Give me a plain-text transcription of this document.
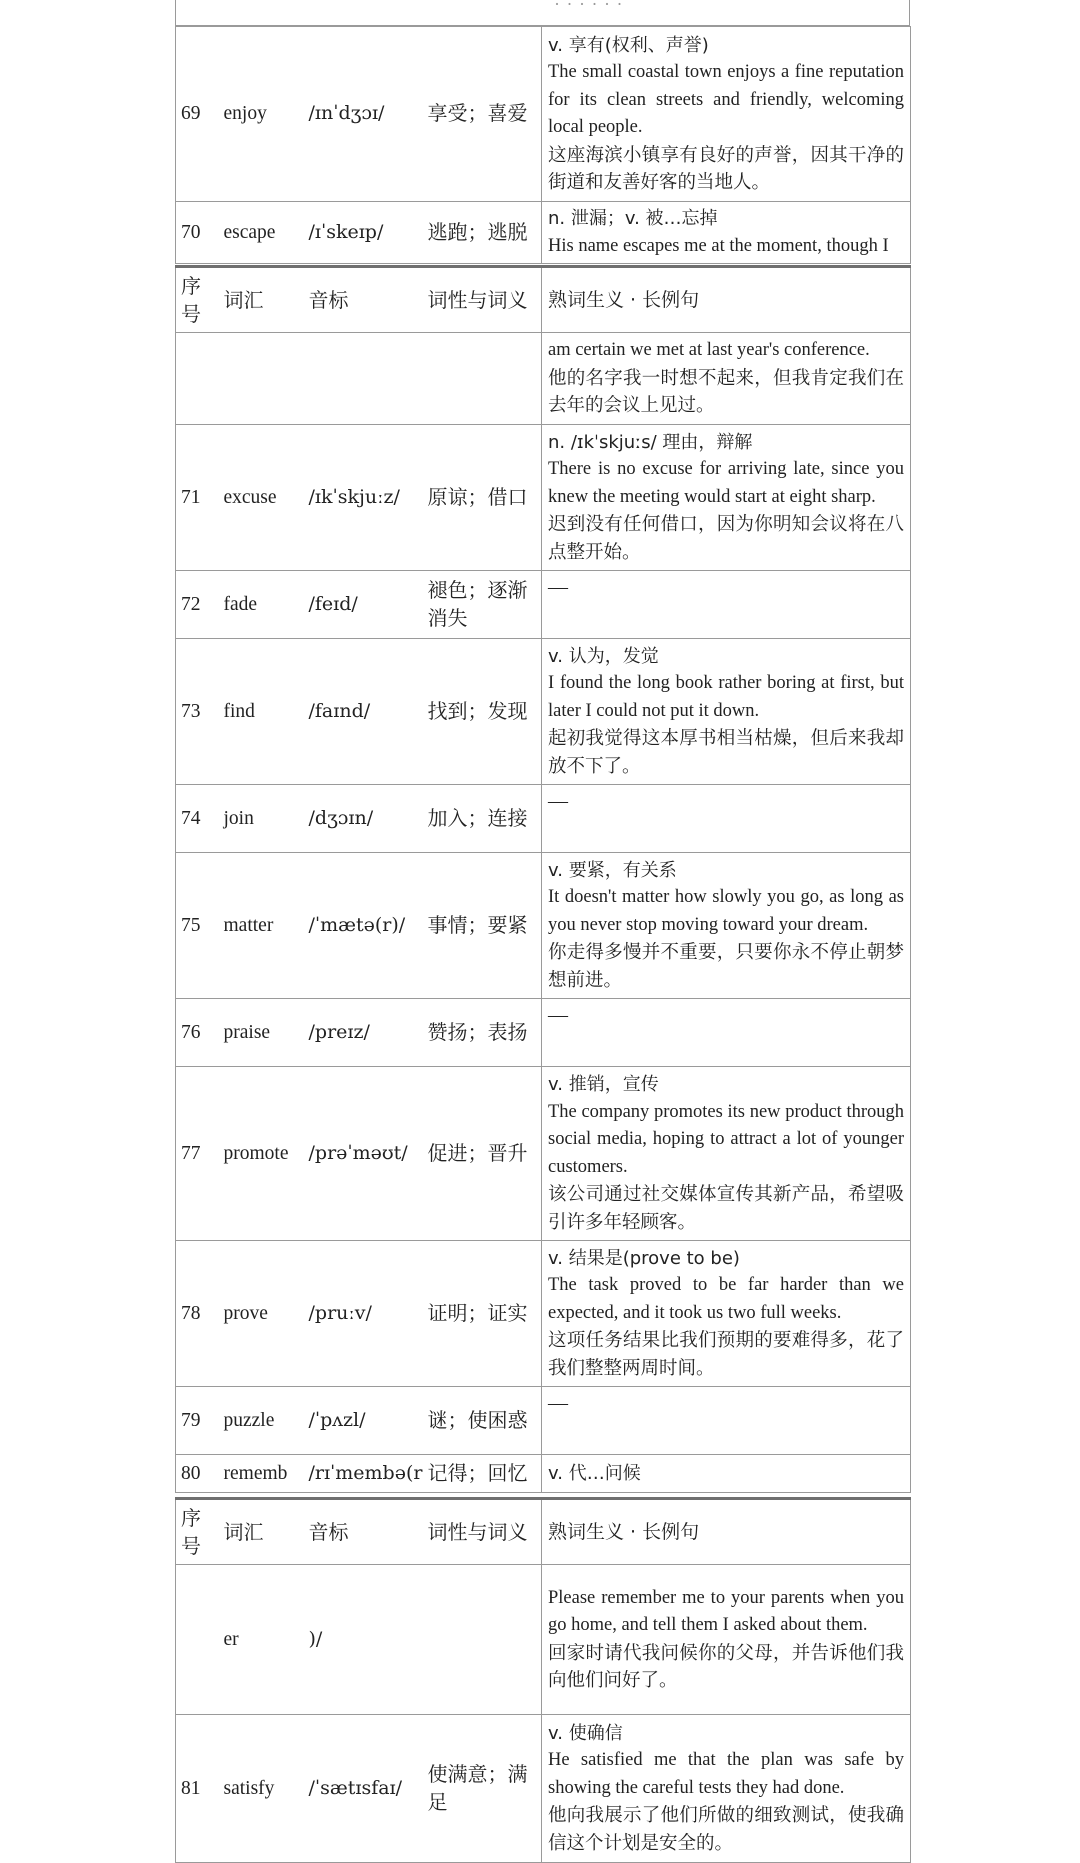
· · · · · ·
69	enjoy	/ɪnˈdʒɔɪ/	享受；喜爱	v. 享有(权利、声誉)
The small coastal town enjoys a fine reputation for its clean streets and friendly, welcoming local people.
这座海滨小镇享有良好的声誉，因其干净的街道和友善好客的当地人。

70	escape	/ɪˈskeɪp/	逃跑；逃脱	n. 泄漏；v. 被…忘掉
His name escapes me at the moment, though I
序号	词汇	音标	词性与词义	熟词生义 · 长例句

				am certain we met at last year's conference.
他的名字我一时想不起来，但我肯定我们在去年的会议上见过。

71	excuse	/ɪkˈskjuːz/	原谅；借口	n. /ɪkˈskjuːs/ 理由，辩解
There is no excuse for arriving late, since you knew the meeting would start at eight sharp.
迟到没有任何借口，因为你明知会议将在八点整开始。

72	fade	/feɪd/	褪色；逐渐消失	—

73	find	/faɪnd/	找到；发现	v. 认为，发觉
I found the long book rather boring at first, but later I could not put it down.
起初我觉得这本厚书相当枯燥，但后来我却放不下了。

74	join	/dʒɔɪn/	加入；连接	—

75	matter	/ˈmætə(r)/	事情；要紧	v. 要紧，有关系
It doesn't matter how slowly you go, as long as you never stop moving toward your dream.
你走得多慢并不重要，只要你永不停止朝梦想前进。

76	praise	/preɪz/	赞扬；表扬	—

77	promote	/prəˈməʊt/	促进；晋升	v. 推销，宣传
The company promotes its new product through social media, hoping to attract a lot of younger customers.
该公司通过社交媒体宣传其新产品，希望吸引许多年轻顾客。

78	prove	/pruːv/	证明；证实	v. 结果是(prove to be)
The task proved to be far harder than we expected, and it took us two full weeks.
这项任务结果比我们预期的要难得多，花了我们整整两周时间。

79	puzzle	/ˈpʌzl/	谜；使困惑	—

80	rememb	/rɪˈmembə(r	记得；回忆	v. 代…问候
序号	词汇	音标	词性与词义	熟词生义 · 长例句
	er	)/		Please remember me to your parents when you go home, and tell them I asked about them.
回家时请代我问候你的父母，并告诉他们我向他们问好了。

81	satisfy	/ˈsætɪsfaɪ/	使满意；满足	v. 使确信
He satisfied me that the plan was safe by showing the careful tests they had done.
他向我展示了他们所做的细致测试，使我确信这个计划是安全的。
